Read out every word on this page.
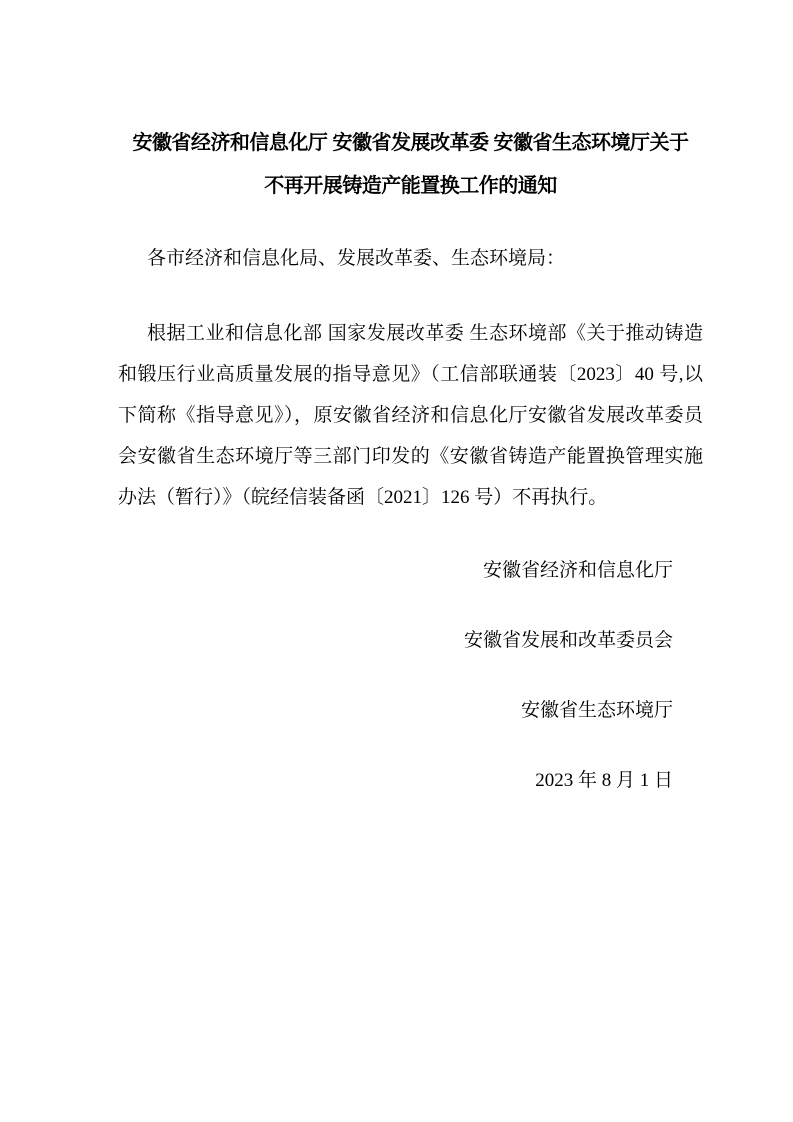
安徽省经济和信息化厅 安徽省发展改革委 安徽省生态环境厅关于
不再开展铸造产能置换工作的通知
各市经济和信息化局、发展改革委、生态环境局：
根据工业和信息化部 国家发展改革委 生态环境部《关于推动铸造和锻压行业高质量发展的指导意见》（工信部联通装〔2023〕40 号,以下简称《指导意见》），原安徽省经济和信息化厅安徽省发展改革委员会安徽省生态环境厅等三部门印发的《安徽省铸造产能置换管理实施办法（暂行）》（皖经信装备函〔2021〕126 号）不再执行。
安徽省经济和信息化厅
安徽省发展和改革委员会
安徽省生态环境厅
2023 年 8 月 1 日
